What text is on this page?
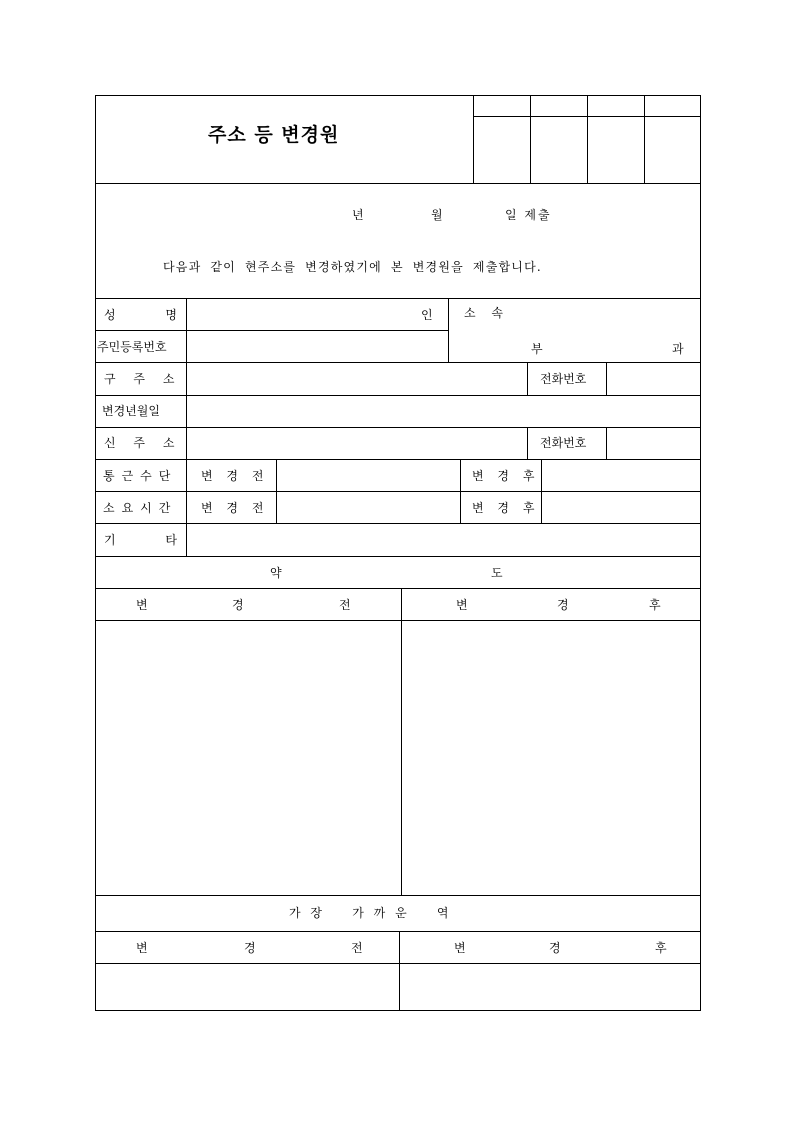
주소 등 변경원
년	월	일 제출
다음과 같이 현주소를 변경하였기에 본 변경원을 제출합니다.
성 명	인	소 속
부	과
주민등록번호
구 주 소	전화번호
변경년월일
신 주 소	전화번호
통근수단 변 경 전	변 경 후
소요시간 변 경 전	변 경 후
기 타
약	도
변	경	전	변	경	후
가 장    가 까 운    역
변	경	전	변	경	후
